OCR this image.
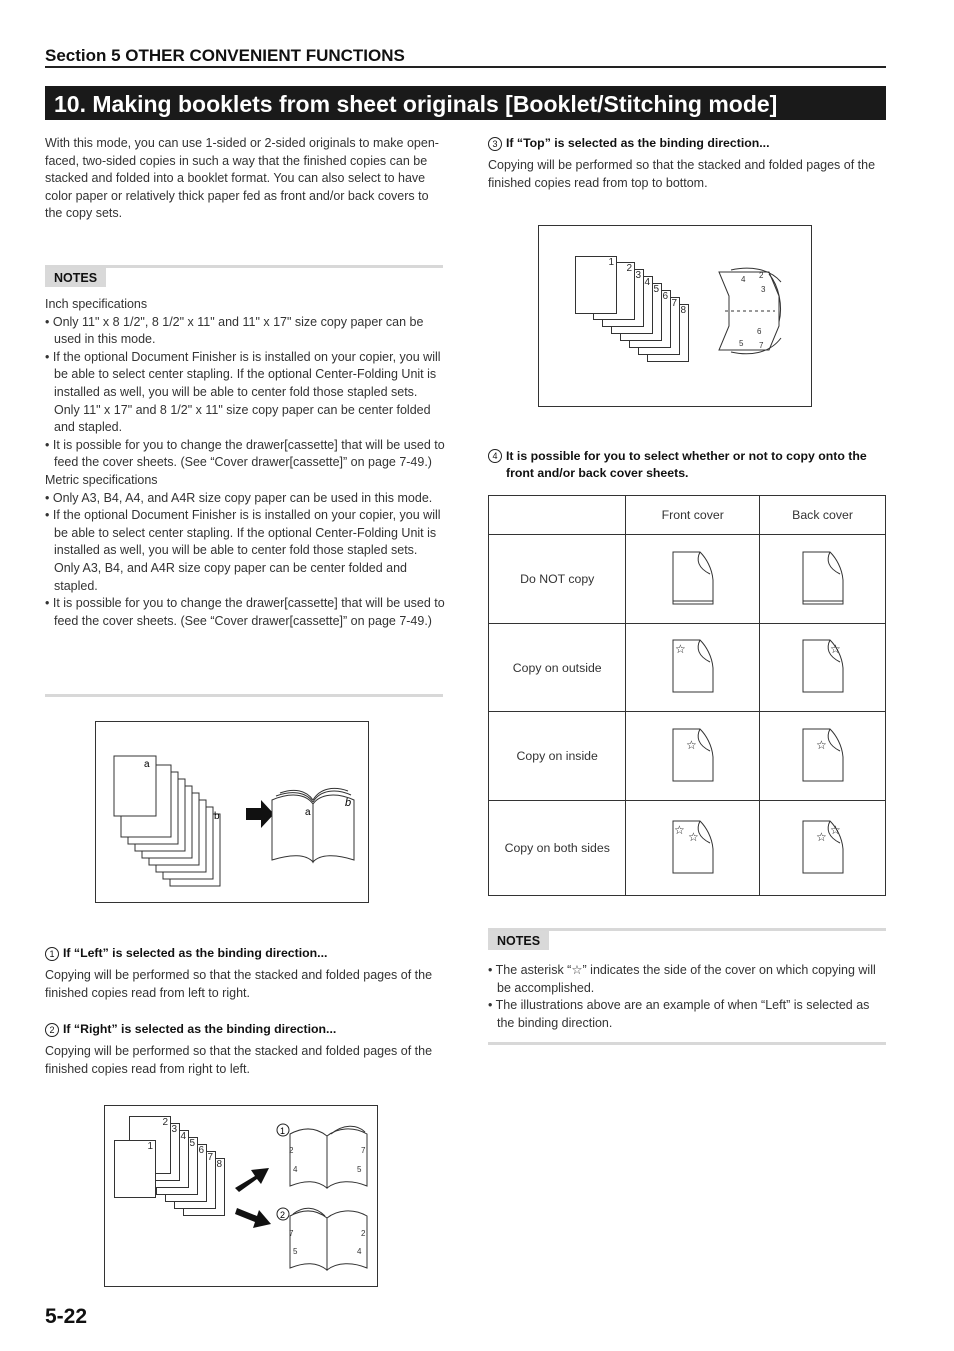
Section 5 OTHER CONVENIENT FUNCTIONS
10. Making booklets from sheet originals [Booklet/Stitching mode]
With this mode, you can use 1-sided or 2-sided originals to make open-faced, two-sided copies in such a way that the finished copies can be stacked and folded into a booklet format. You can also select to have color paper or relatively thick paper fed as front and/or back covers to the copy sets.
NOTES
Inch specifications
• Only 11" x 8 1/2", 8 1/2" x 11" and 11" x 17" size copy paper can be used in this mode.
• If the optional Document Finisher is is installed on your copier, you will be able to select center stapling. If the optional Center-Folding Unit is installed as well, you will be able to center fold those stapled sets. Only 11" x 17" and 8 1/2" x 11" size copy paper can be center folded and stapled.
• It is possible for you to change the drawer[cassette] that will be used to feed the cover sheets. (See “Cover drawer[cassette]” on page 7-49.)
Metric specifications
• Only A3, B4, A4, and A4R size copy paper can be used in this mode.
• If the optional Document Finisher is is installed on your copier, you will be able to select center stapling. If the optional Center-Folding Unit is installed as well, you will be able to center fold those stapled sets. Only A3, B4, and A4R size copy paper can be center folded and stapled.
• It is possible for you to change the drawer[cassette] that will be used to feed the cover sheets. (See “Cover drawer[cassette]” on page 7-49.)
a
b	a
b
1 If “Left” is selected as the binding direction...
Copying will be performed so that the stacked and folded pages of the finished copies read from left to right.
2 If “Right” is selected as the binding direction...
Copying will be performed so that the stacked and folded pages of the finished copies read from right to left.
8
7
6
5
4
3
2
1
1
2
2
4
7
5
7
5
2
4
3 If “Top” is selected as the binding direction...
Copying will be performed so that the stacked and folded pages of the finished copies read from top to bottom.
8
7
6
5
4
3
2
1
4 2
3
5
6
7
4 It is possible for you to select whether or not to copy onto the front and/or back cover sheets.
	Front cover	Back cover
Do NOT copy		
Copy on outside	☆	☆

Copy on inside	☆	☆

Copy on both sides	☆ ☆	☆ ☆
NOTES
• The asterisk “☆” indicates the side of the cover on which copying will be accomplished.
• The illustrations above are an example of when “Left” is selected as the binding direction.
5-22
